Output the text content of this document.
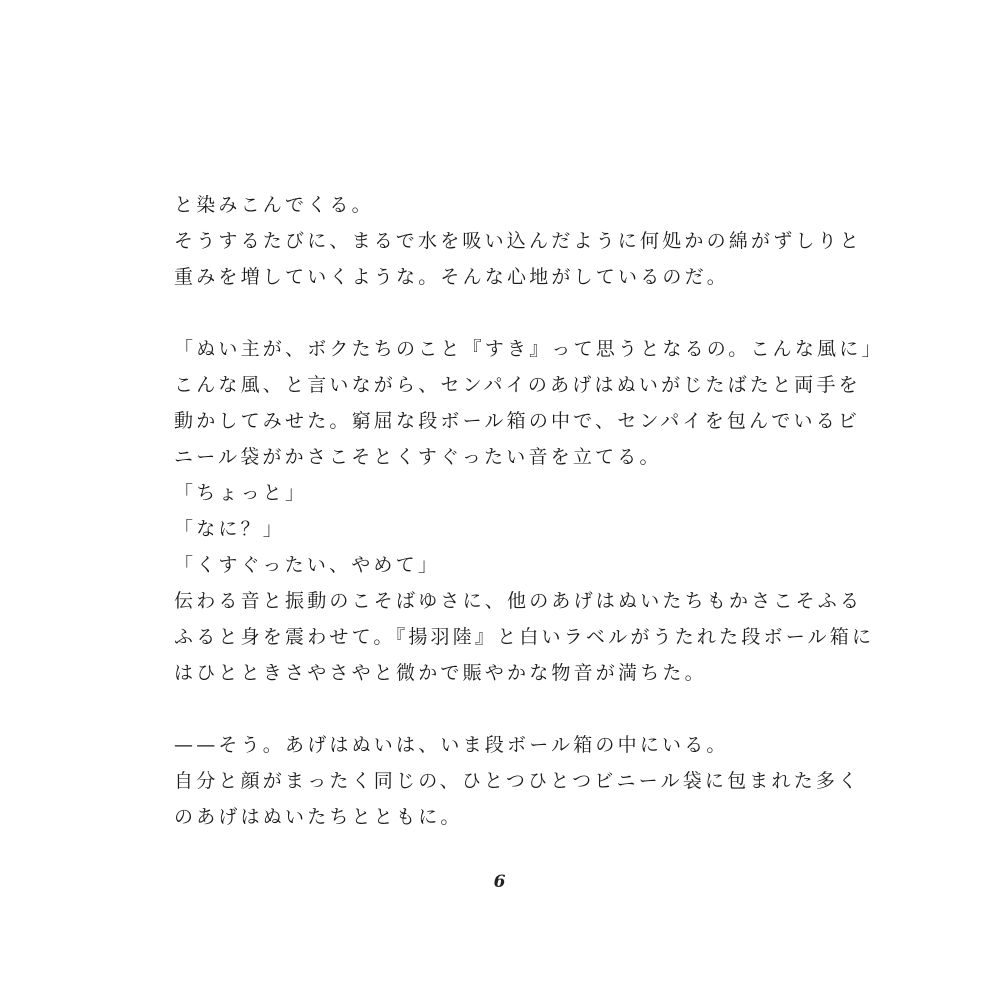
と染みこんでくる。
そうするたびに、まるで水を吸い込んだように何処かの綿がずしりと
重みを増していくような。そんな心地がしているのだ。
「ぬい主が、ボクたちのこと『すき』って思うとなるの。こんな風に」
こんな風、と言いながら、センパイのあげはぬいがじたばたと両手を
動かしてみせた。窮屈な段ボール箱の中で、センパイを包んでいるビ
ニール袋がかさこそとくすぐったい音を立てる。
「ちょっと」
「なに？」
「くすぐったい、やめて」
伝わる音と振動のこそばゆさに、他のあげはぬいたちもかさこそふる
ふると身を震わせて。『揚羽陸』と白いラベルがうたれた段ボール箱に
はひとときさやさやと微かで賑やかな物音が満ちた。
——そう。あげはぬいは、いま段ボール箱の中にいる。
自分と顔がまったく同じの、ひとつひとつビニール袋に包まれた多く
のあげはぬいたちとともに。
6
